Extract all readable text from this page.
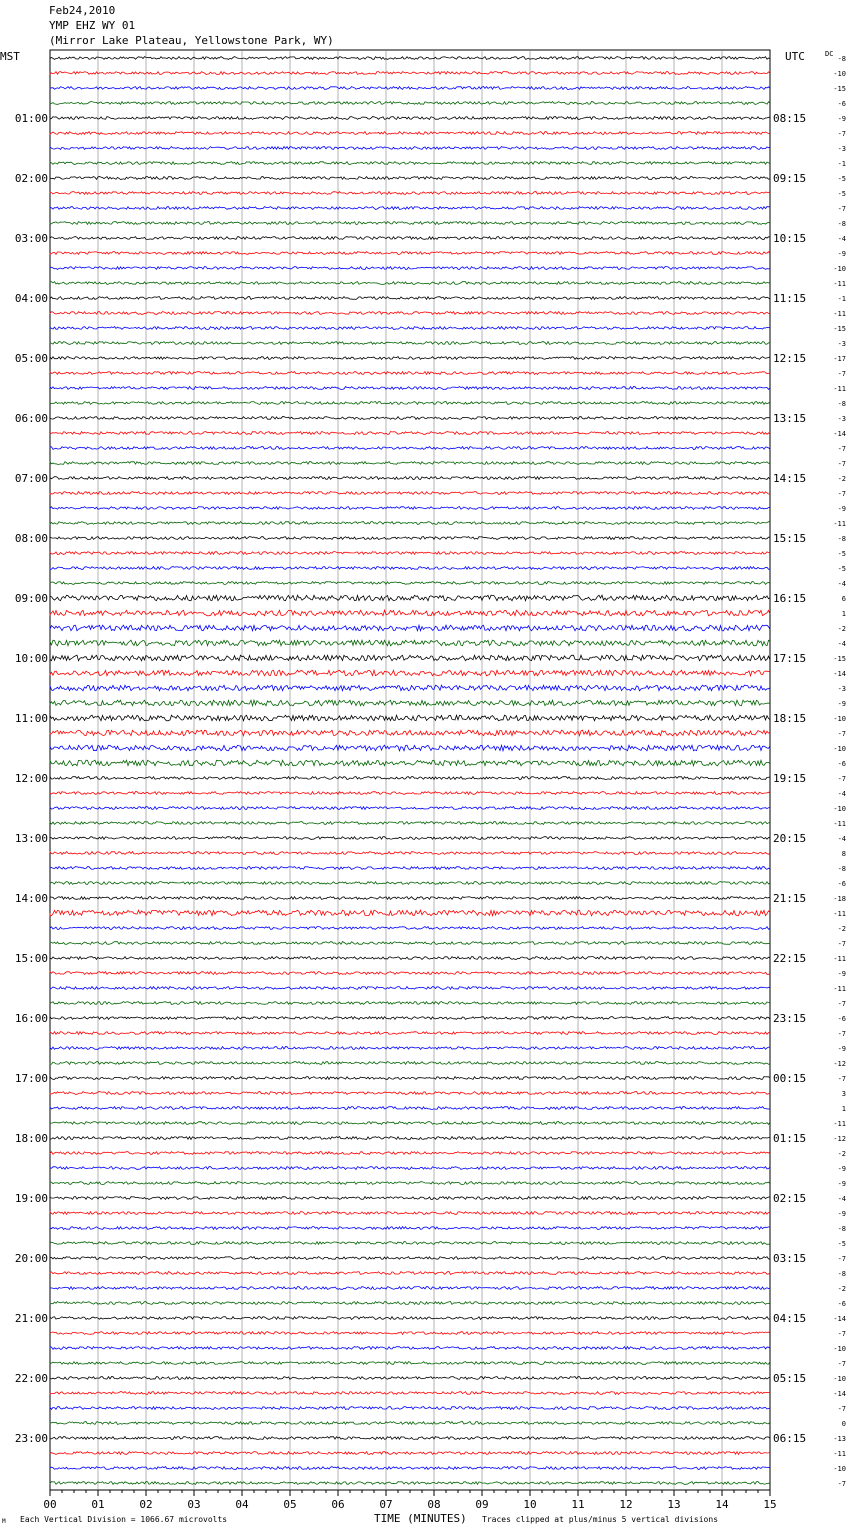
Feb24,2010
YMP EHZ WY 01
(Mirror Lake Plateau, Yellowstone Park, WY)
MST	UTC	DC
-8
-10
-15
-6
-9
-7
-3
-1
-5
-5
-7
-8
-4
-9
-10
-11
-1
-11
-15
-3
-17
-7
-11
-8
-3
-14
-7
-7
-2
-7
-9
-11
-8
-5
-5
-4
6
1
-2
-4
-15
-14
-3
-9
-10
-7
-10
-6
-7
-4
-10
-11
-4
8
-8
-6
-18
-11
-2
-7
-11
-9
-11
-7
-6
-7
-9
-12
-7
3
1
-11
-12
-2
-9
-9
-4
-9
-8
-5
-7
-8
-2
-6
-14
-7
-10
-7
-10
-14
-7
0
-13
-11
-10
-7
01:00
02:00
03:00
04:00
05:00
06:00
07:00
08:00
09:00
10:00
11:00
12:00
13:00
14:00
15:00
16:00
17:00
18:00
19:00
20:00
21:00
22:00
23:00
08:15
09:15
10:15
11:15
12:15
13:15
14:15
15:15
16:15
17:15
18:15
19:15
20:15
21:15
22:15
23:15
00:15
01:15
02:15
03:15
04:15
05:15
06:15
00	01	02	03	04	05	06	07	08	09	10	11	12	13	14	15
TIME (MINUTES)
Each Vertical Division = 1066.67 microvolts	Traces clipped at plus/minus 5 vertical divisions
M
